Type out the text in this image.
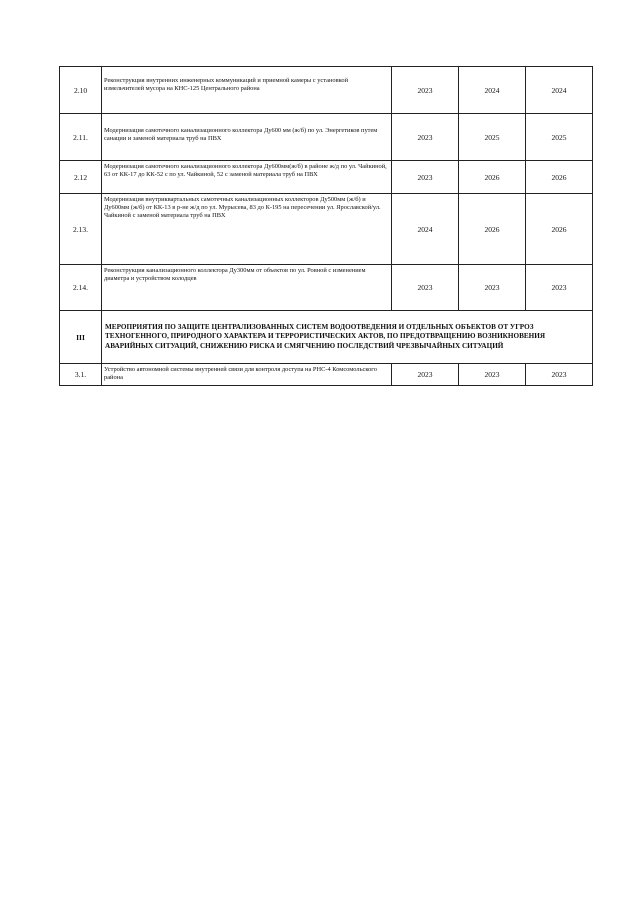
2.10	Реконструкция внутренних инженерных коммуникаций и приемной камеры с установкой измельчителей мусора на КНС-125 Центрального района	2023	2024	2024
2.11.	Модернизация самотечного канализационного коллектора Ду600 мм (ж/б) по ул. Энергетиков путем санации и заменой материала труб на ПВХ	2023	2025	2025
2.12	Модернизация самотечного канализационного коллектора Ду600мм(ж/б) в районе ж/д по ул. Чайкиной, 63 от КК-17 до КК-52 с по ул. Чайкиной, 52 с заменой материала труб на ПВХ	2023	2026	2026
2.13.	Модернизация внутриквартальных самотечных канализационных коллекторов Ду500мм (ж/б) и Ду600мм (ж/б) от КК-13 в р-не ж/д по ул. Мурысева, 83 до К-195 на пересечении ул. Ярославской/ул. Чайкиной с заменой материала труб на ПВХ	2024	2026	2026
2.14.	Реконструкция канализационного коллектора Ду300мм от объектов по ул. Ровной с изменением диаметра и устройством колодцев	2023	2023	2023
III	МЕРОПРИЯТИЯ ПО ЗАЩИТЕ ЦЕНТРАЛИЗОВАННЫХ СИСТЕМ ВОДООТВЕДЕНИЯ И ОТДЕЛЬНЫХ ОБЪЕКТОВ ОТ УГРОЗ ТЕХНОГЕННОГО, ПРИРОДНОГО ХАРАКТЕРА И ТЕРРОРИСТИЧЕСКИХ АКТОВ, ПО ПРЕДОТВРАЩЕНИЮ ВОЗНИКНОВЕНИЯ АВАРИЙНЫХ СИТУАЦИЙ, СНИЖЕНИЮ РИСКА И СМЯГЧЕНИЮ ПОСЛЕДСТВИЙ ЧРЕЗВЫЧАЙНЫХ СИТУАЦИЙ			
3.1.	Устройство автономной системы внутренней связи для контроля доступа на РНС-4 Комсомольского района	2023	2023	2023
